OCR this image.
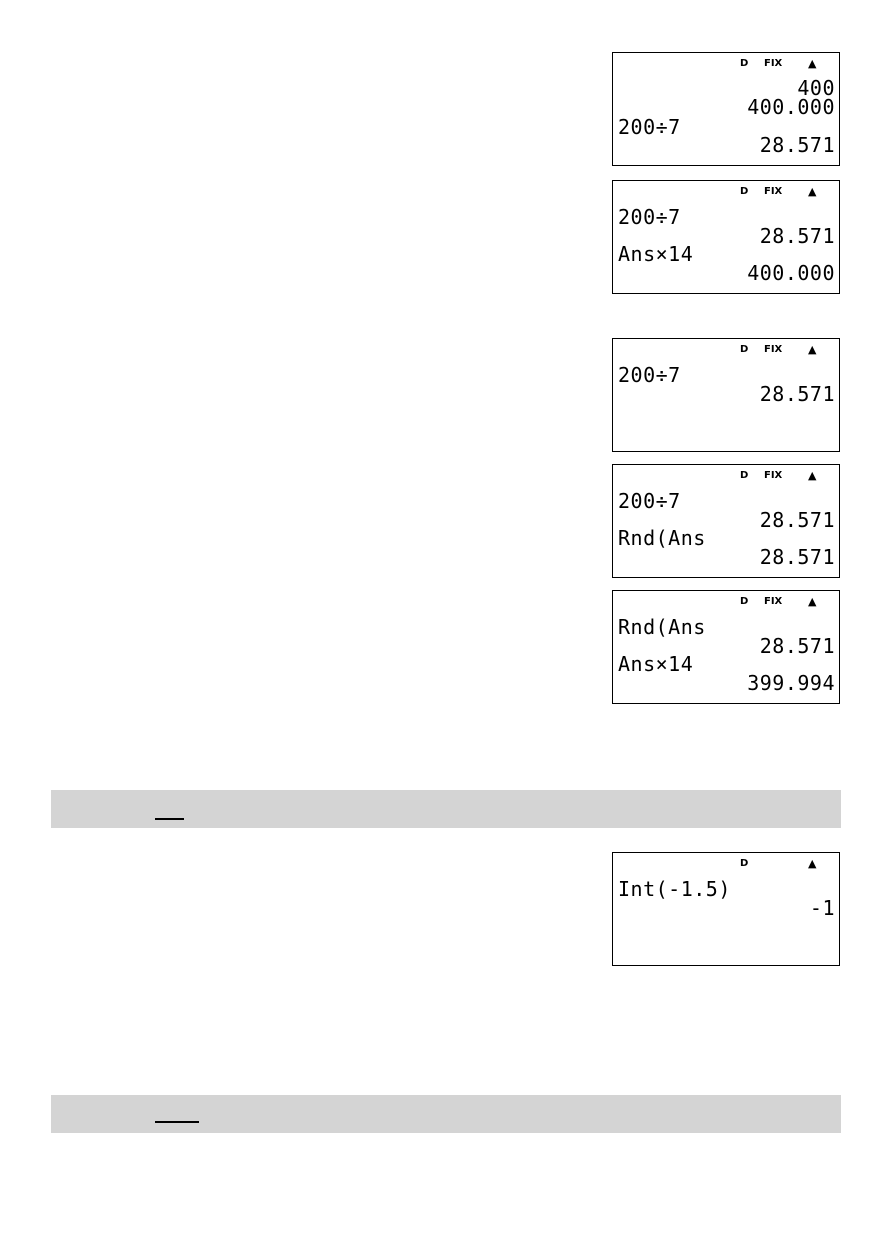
D FIX ▲
400
400.000
200÷7
28.571
D FIX ▲
200÷7
28.571
Ans×14
400.000
D FIX ▲
200÷7
28.571
D FIX ▲
200÷7
28.571
Rnd(Ans
28.571
D FIX ▲
Rnd(Ans
28.571
Ans×14
399.994
D	▲
Int(-1.5)
-1
